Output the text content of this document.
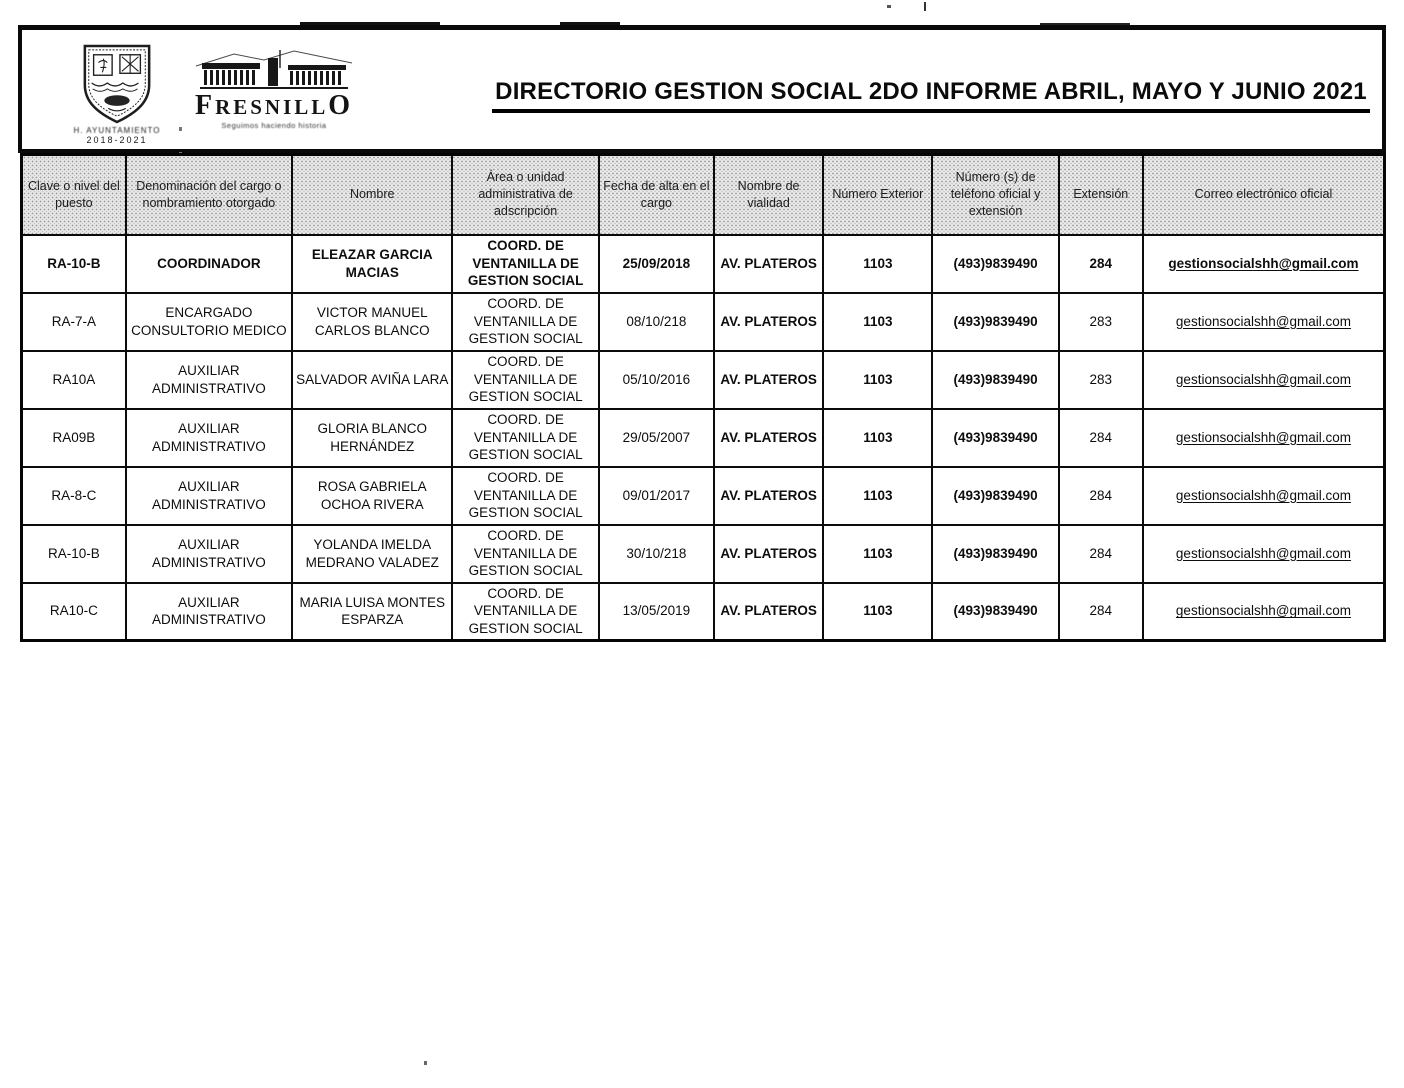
H. AYUNTAMIENTO
2018-2021
FRESNILLO
Seguimos haciendo historia
DIRECTORIO GESTION SOCIAL 2DO INFORME ABRIL, MAYO Y JUNIO 2021
Clave o nivel del puesto	Denominación del cargo o nombramiento otorgado	Nombre	Área o unidad administrativa de adscripción	Fecha de alta en el cargo	Nombre de vialidad	Número Exterior	Número (s) de teléfono oficial y extensión	Extensión	Correo electrónico oficial
RA-10-B	COORDINADOR	ELEAZAR GARCIA MACIAS	COORD. DE VENTANILLA DE GESTION SOCIAL	25/09/2018	AV. PLATEROS	1103	(493)9839490	284	gestionsocialshh@gmail.com
RA-7-A	ENCARGADO CONSULTORIO MEDICO	VICTOR MANUEL CARLOS BLANCO	COORD. DE VENTANILLA DE GESTION SOCIAL	08/10/218	AV. PLATEROS	1103	(493)9839490	283	gestionsocialshh@gmail.com
RA10A	AUXILIAR ADMINISTRATIVO	SALVADOR AVIÑA LARA	COORD. DE VENTANILLA DE GESTION SOCIAL	05/10/2016	AV. PLATEROS	1103	(493)9839490	283	gestionsocialshh@gmail.com
RA09B	AUXILIAR ADMINISTRATIVO	GLORIA BLANCO HERNÁNDEZ	COORD. DE VENTANILLA DE GESTION SOCIAL	29/05/2007	AV. PLATEROS	1103	(493)9839490	284	gestionsocialshh@gmail.com
RA-8-C	AUXILIAR ADMINISTRATIVO	ROSA GABRIELA OCHOA RIVERA	COORD. DE VENTANILLA DE GESTION SOCIAL	09/01/2017	AV. PLATEROS	1103	(493)9839490	284	gestionsocialshh@gmail.com
RA-10-B	AUXILIAR ADMINISTRATIVO	YOLANDA IMELDA MEDRANO VALADEZ	COORD. DE VENTANILLA DE GESTION SOCIAL	30/10/218	AV. PLATEROS	1103	(493)9839490	284	gestionsocialshh@gmail.com
RA10-C	AUXILIAR ADMINISTRATIVO	MARIA LUISA MONTES ESPARZA	COORD. DE VENTANILLA DE GESTION SOCIAL	13/05/2019	AV. PLATEROS	1103	(493)9839490	284	gestionsocialshh@gmail.com
